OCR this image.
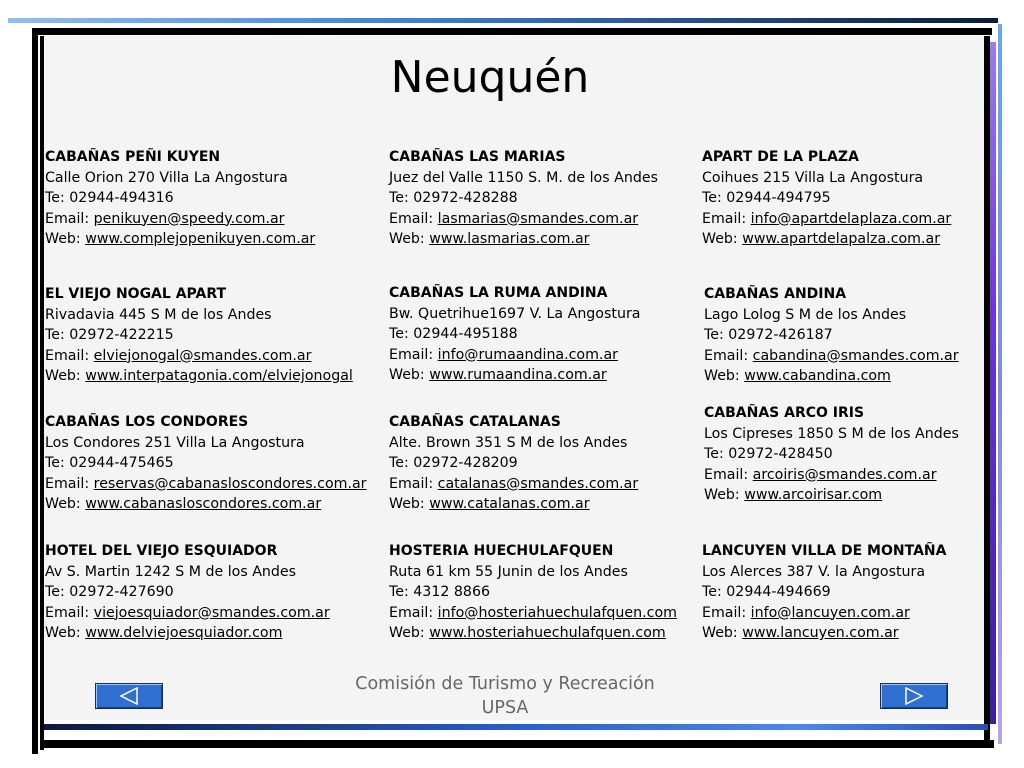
Neuquén
CABAÑAS PEÑI KUYEN
Calle Orion 270 Villa La Angostura
Te: 02944-494316
Email: penikuyen@speedy.com.ar
Web: www.complejopenikuyen.com.ar
CABAÑAS LAS MARIAS
Juez del Valle 1150 S. M. de los Andes
Te: 02972-428288
Email: lasmarias@smandes.com.ar
Web: www.lasmarias.com.ar
APART DE LA PLAZA
Coihues 215 Villa La Angostura
Te: 02944-494795
Email: info@apartdelaplaza.com.ar
Web: www.apartdelapalza.com.ar
EL VIEJO NOGAL APART
Rivadavia 445 S M de los Andes
Te: 02972-422215
Email: elviejonogal@smandes.com.ar
Web: www.interpatagonia.com/elviejonogal
CABAÑAS LA RUMA ANDINA
Bw. Quetrihue1697 V. La Angostura
Te: 02944-495188
Email: info@rumaandina.com.ar
Web: www.rumaandina.com.ar
CABAÑAS ANDINA
Lago Lolog S M de los Andes
Te: 02972-426187
Email: cabandina@smandes.com.ar
Web: www.cabandina.com
CABAÑAS LOS CONDORES
Los Condores 251 Villa La Angostura
Te: 02944-475465
Email: reservas@cabanasloscondores.com.ar
Web: www.cabanasloscondores.com.ar
CABAÑAS CATALANAS
Alte. Brown 351 S M de los Andes
Te: 02972-428209
Email: catalanas@smandes.com.ar
Web: www.catalanas.com.ar
CABAÑAS ARCO IRIS
Los Cipreses 1850 S M de los Andes
Te: 02972-428450
Email: arcoiris@smandes.com.ar
Web: www.arcoirisar.com
HOTEL DEL VIEJO ESQUIADOR
Av S. Martin 1242 S M de los Andes
Te: 02972-427690
Email: viejoesquiador@smandes.com.ar
Web: www.delviejoesquiador.com
HOSTERIA HUECHULAFQUEN
Ruta 61 km 55 Junin de los Andes
Te: 4312 8866
Email: info@hosteriahuechulafquen.com
Web: www.hosteriahuechulafquen.com
LANCUYEN VILLA DE MONTAÑA
Los Alerces 387 V. la Angostura
Te: 02944-494669
Email: info@lancuyen.com.ar
Web: www.lancuyen.com.ar
Comisión de Turismo y Recreación
UPSA
